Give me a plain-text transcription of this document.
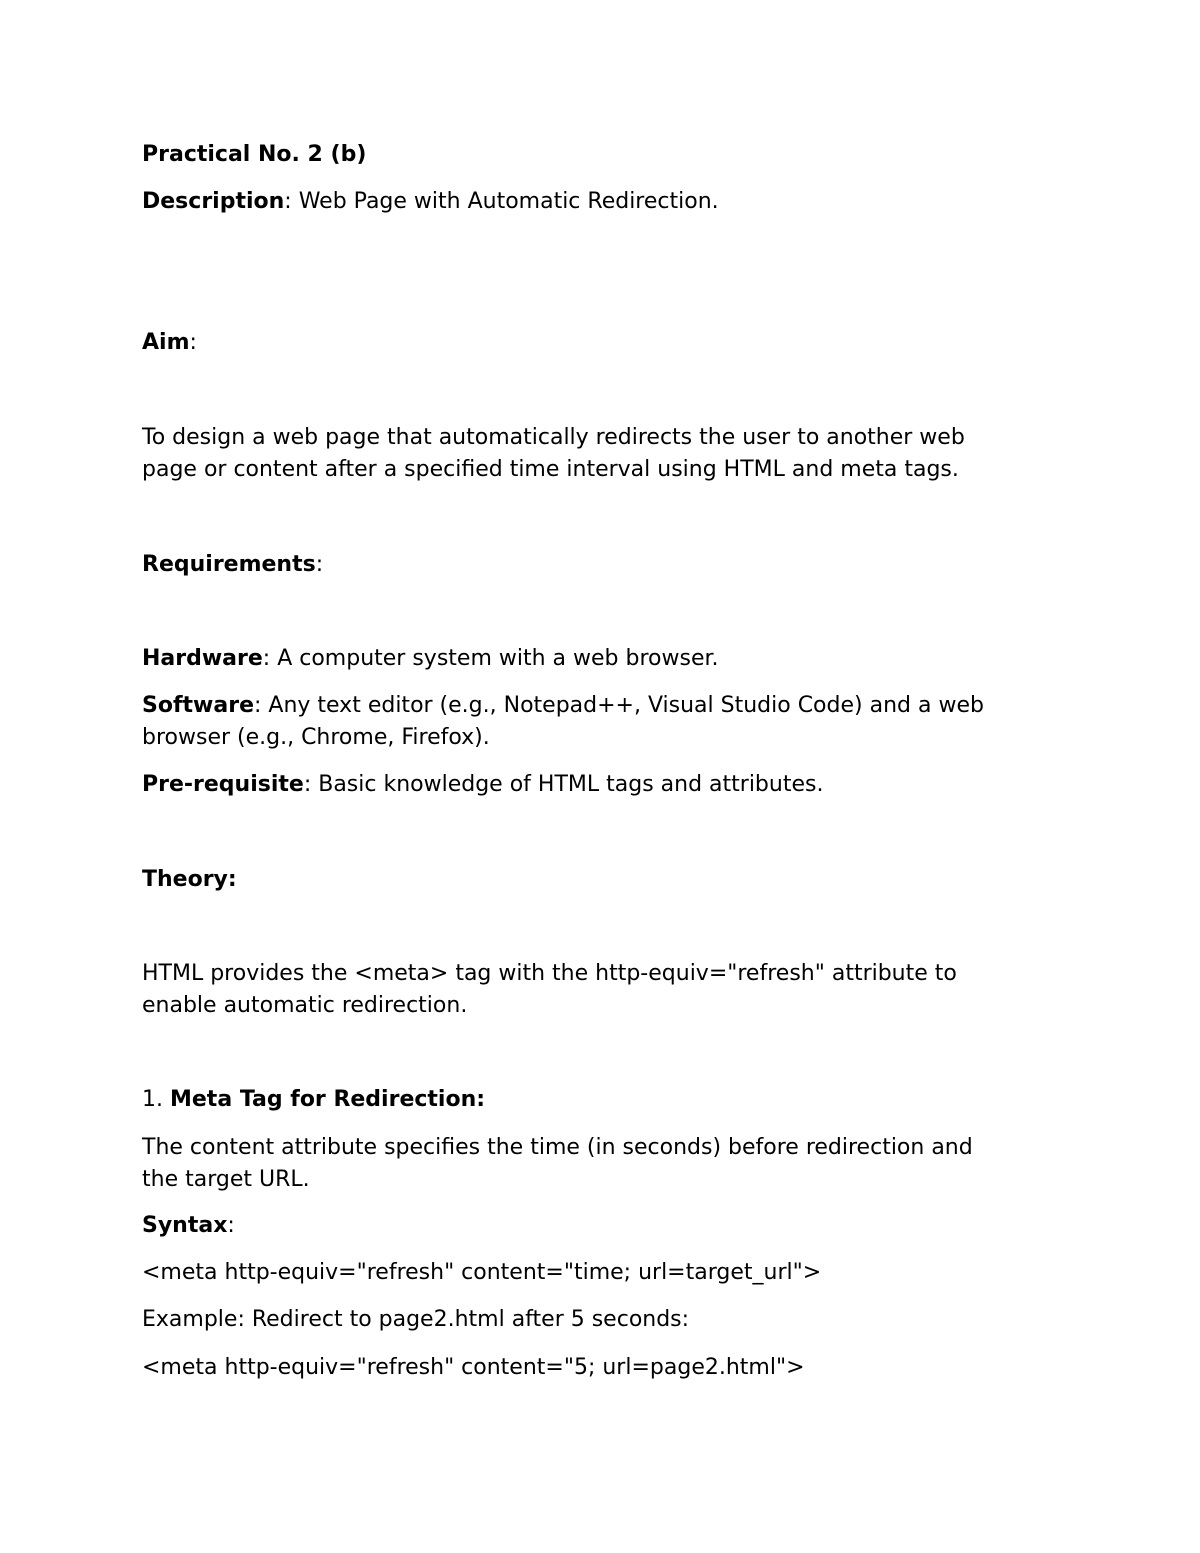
Practical No. 2 (b)

Description: Web Page with Automatic Redirection.

Aim:

To design a web page that automatically redirects the user to another web

page or content after a specified time interval using HTML and meta tags.

Requirements:

Hardware: A computer system with a web browser.

Software: Any text editor (e.g., Notepad++, Visual Studio Code) and a web

browser (e.g., Chrome, Firefox).

Pre-requisite: Basic knowledge of HTML tags and attributes.

Theory:

HTML provides the <meta> tag with the http-equiv="refresh" attribute to

enable automatic redirection.

1. Meta Tag for Redirection:

The content attribute specifies the time (in seconds) before redirection and

the target URL.

Syntax:

<meta http-equiv="refresh" content="time; url=target_url">

Example: Redirect to page2.html after 5 seconds:

<meta http-equiv="refresh" content="5; url=page2.html">
